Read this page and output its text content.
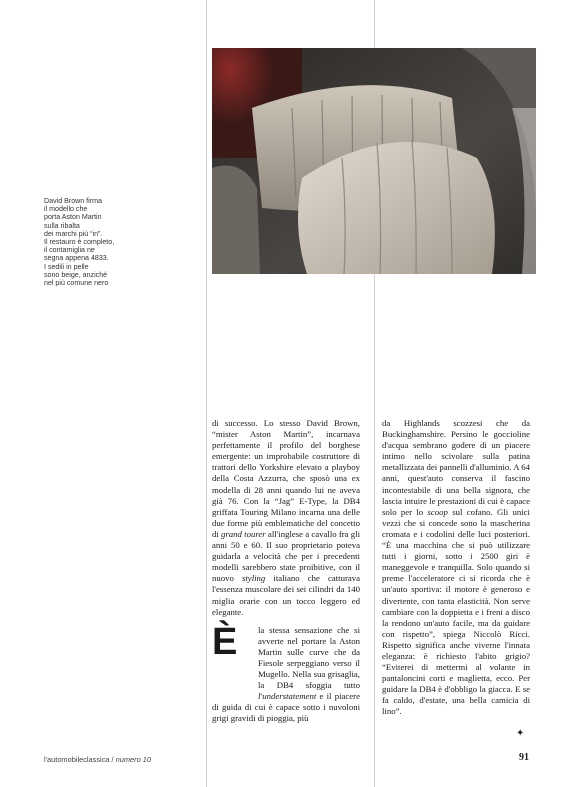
David Brown firma
il modello che
porta Aston Martin
sulla ribalta
dei marchi più “in”.
Il restauro è completo,
il contamiglia ne
segna appena 4833.
I sedili in pelle
sono beige, anziché
nel più comune nero

di successo. Lo stesso David Brown, “mister Aston Martin”, incarnava perfettamente il profilo del borghese emergente: un improbabile costruttore di trattori dello Yorkshire elevato a playboy della Costa Azzurra, che sposò una ex modella di 28 anni quando lui ne aveva già 76. Con la “Jag” E-Type, la DB4 griffata Touring Milano incarna una delle due forme più emblematiche del concetto di grand tourer all'inglese a cavallo fra gli anni 50 e 60. Il suo proprietario poteva guidarla a velocità che per i precedenti modelli sarebbero state proibitive, con il nuovo styling italiano che catturava l'essenza muscolare dei sei cilindri da 140 miglia orarie con un tocco leggero ed elegante.

È	la stessa sensazione che si avverte nel portare la Aston Martin sulle curve che da Fiesole serpeggiano verso il Mugello. Nella sua grisaglia, la DB4 sfoggia tutto l'understatement e il piacere di guida di cui è capace sotto i nuvoloni grigi gravidi di pioggia, più

da Highlands scozzesi che da Buckinghamshire. Persino le goccioline d'acqua sembrano godere di un piacere intimo nello scivolare sulla patina metallizzata dei pannelli d'alluminio. A 64 anni, quest'auto conserva il fascino incontestabile di una bella signora, che lascia intuire le prestazioni di cui è capace solo per lo scoop sul cofano. Gli unici vezzi che si concede sono la mascherina cromata e i codolini delle luci posteriori. “È una macchina che si può utilizzare tutti i giorni, sotto i 2500 giri è maneggevole e tranquilla. Solo quando si preme l'acceleratore ci si ricorda che è un'auto sportiva: il motore è generoso e divertente, con tanta elasticità. Non serve cambiare con la doppietta e i freni a disco la rendono un'auto facile, ma da guidare con rispetto”, spiega Niccolò Ricci. Rispetto significa anche viverne l'innata eleganza: è richiesto l'abito grigio? “Eviterei di mettermi al volante in pantaloncini corti e maglietta, ecco. Per guidare la DB4 è d'obbligo la giacca. E se fa caldo, d'estate, una bella camicia di lino”.

✦
l'automobileclassica / numero 10	91
